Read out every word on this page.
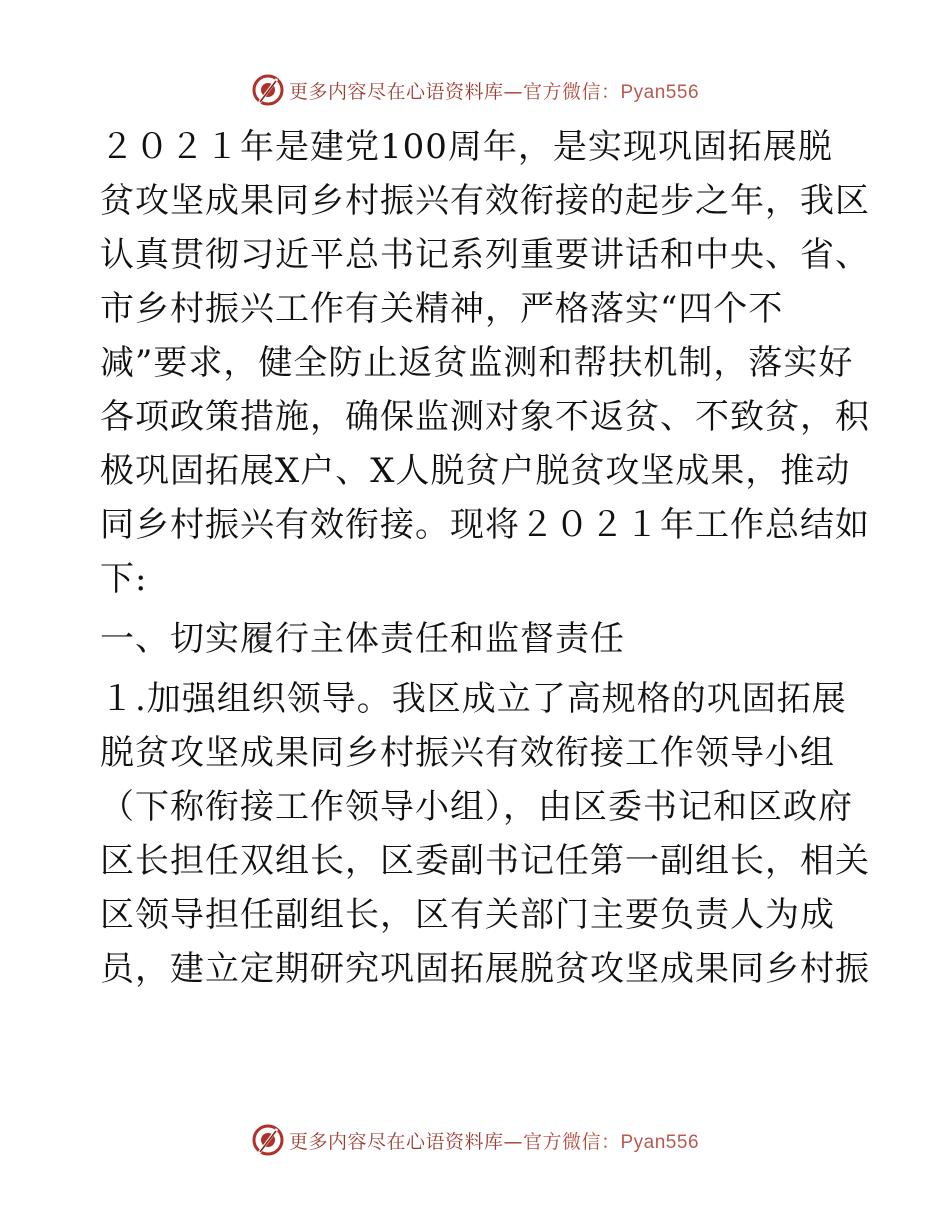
更多内容尽在心语资料库—官方微信：Pyan556
２０２１年是建党100周年，是实现巩固拓展脱
贫攻坚成果同乡村振兴有效衔接的起步之年，我区
认真贯彻习近平总书记系列重要讲话和中央、省、
市乡村振兴工作有关精神，严格落实“四个不
减”要求，健全防止返贫监测和帮扶机制，落实好
各项政策措施，确保监测对象不返贫、不致贫，积
极巩固拓展X户、X人脱贫户脱贫攻坚成果，推动
同乡村振兴有效衔接。现将２０２１年工作总结如
下:
一、切实履行主体责任和监督责任
１.加强组织领导。我区成立了高规格的巩固拓展
脱贫攻坚成果同乡村振兴有效衔接工作领导小组
（下称衔接工作领导小组），由区委书记和区政府
区长担任双组长，区委副书记任第一副组长，相关
区领导担任副组长，区有关部门主要负责人为成
员，建立定期研究巩固拓展脱贫攻坚成果同乡村振
更多内容尽在心语资料库—官方微信：Pyan556
